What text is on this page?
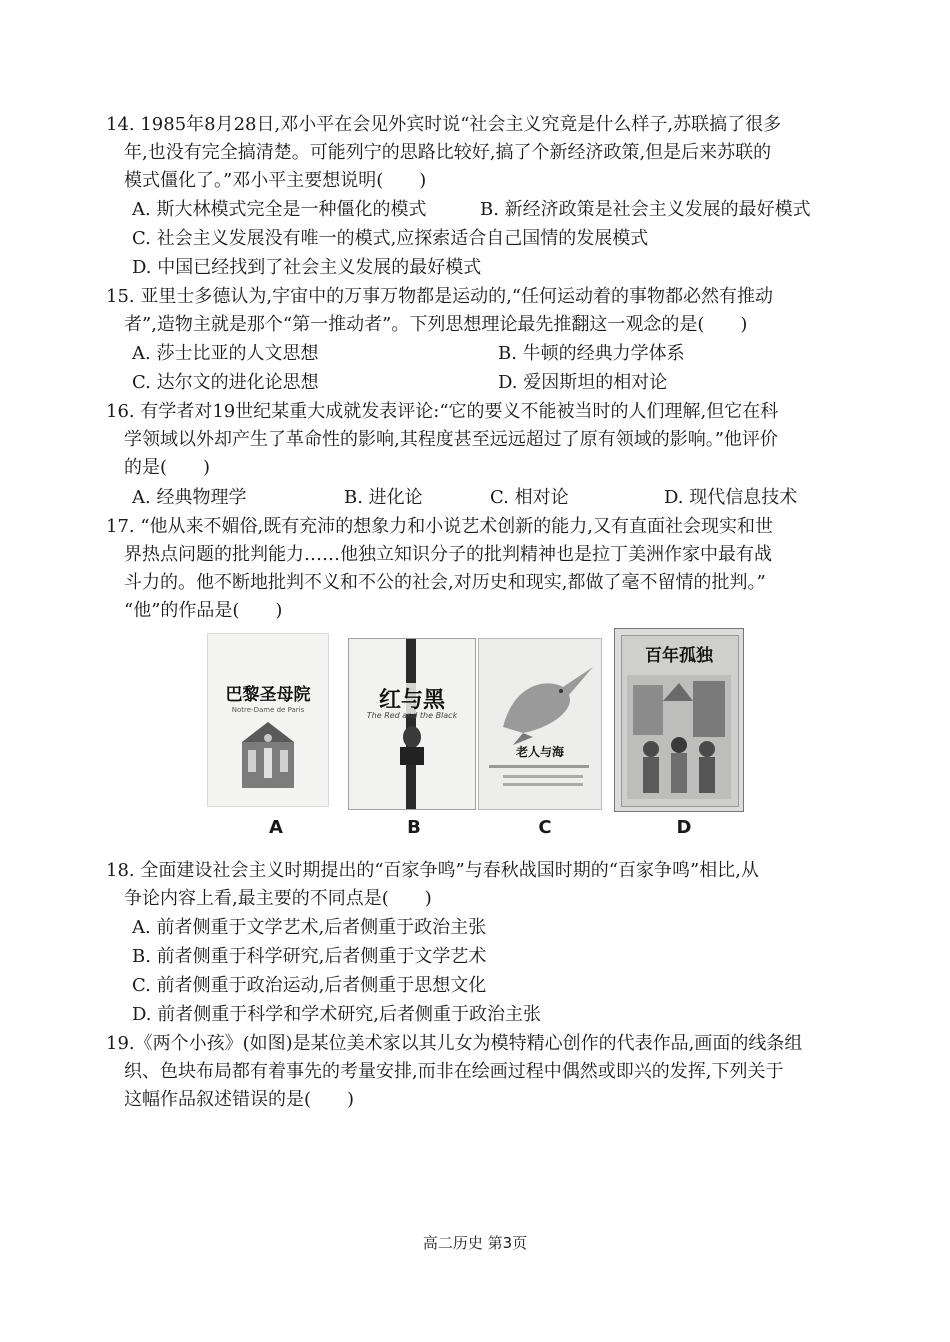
14. 1985年8月28日,邓小平在会见外宾时说“社会主义究竟是什么样子,苏联搞了很多
年,也没有完全搞清楚。可能列宁的思路比较好,搞了个新经济政策,但是后来苏联的
模式僵化了。”邓小平主要想说明(　　)
A. 斯大林模式完全是一种僵化的模式	B. 新经济政策是社会主义发展的最好模式
C. 社会主义发展没有唯一的模式,应探索适合自己国情的发展模式
D. 中国已经找到了社会主义发展的最好模式
15. 亚里士多德认为,宇宙中的万事万物都是运动的,“任何运动着的事物都必然有推动
者”,造物主就是那个“第一推动者”。下列思想理论最先推翻这一观念的是(　　)
A. 莎士比亚的人文思想	B. 牛顿的经典力学体系
C. 达尔文的进化论思想	D. 爱因斯坦的相对论
16. 有学者对19世纪某重大成就发表评论:“它的要义不能被当时的人们理解,但它在科
学领域以外却产生了革命性的影响,其程度甚至远远超过了原有领域的影响。”他评价
的是(　　)
A. 经典物理学	B. 进化论	C. 相对论	D. 现代信息技术
17. “他从来不媚俗,既有充沛的想象力和小说艺术创新的能力,又有直面社会现实和世
界热点问题的批判能力……他独立知识分子的批判精神也是拉丁美洲作家中最有战
斗力的。他不断地批判不义和不公的社会,对历史和现实,都做了毫不留情的批判。”
“他”的作品是(　　)
巴黎圣母院
Notre-Dame de Paris
A
红与黑
The Red and the Black
B
老人与海
C
百年孤独
D
18. 全面建设社会主义时期提出的“百家争鸣”与春秋战国时期的“百家争鸣”相比,从
争论内容上看,最主要的不同点是(　　)
A. 前者侧重于文学艺术,后者侧重于政治主张
B. 前者侧重于科学研究,后者侧重于文学艺术
C. 前者侧重于政治运动,后者侧重于思想文化
D. 前者侧重于科学和学术研究,后者侧重于政治主张
19.《两个小孩》(如图)是某位美术家以其儿女为模特精心创作的代表作品,画面的线条组
织、色块布局都有着事先的考量安排,而非在绘画过程中偶然或即兴的发挥,下列关于
这幅作品叙述错误的是(　　)
高二历史 第3页
